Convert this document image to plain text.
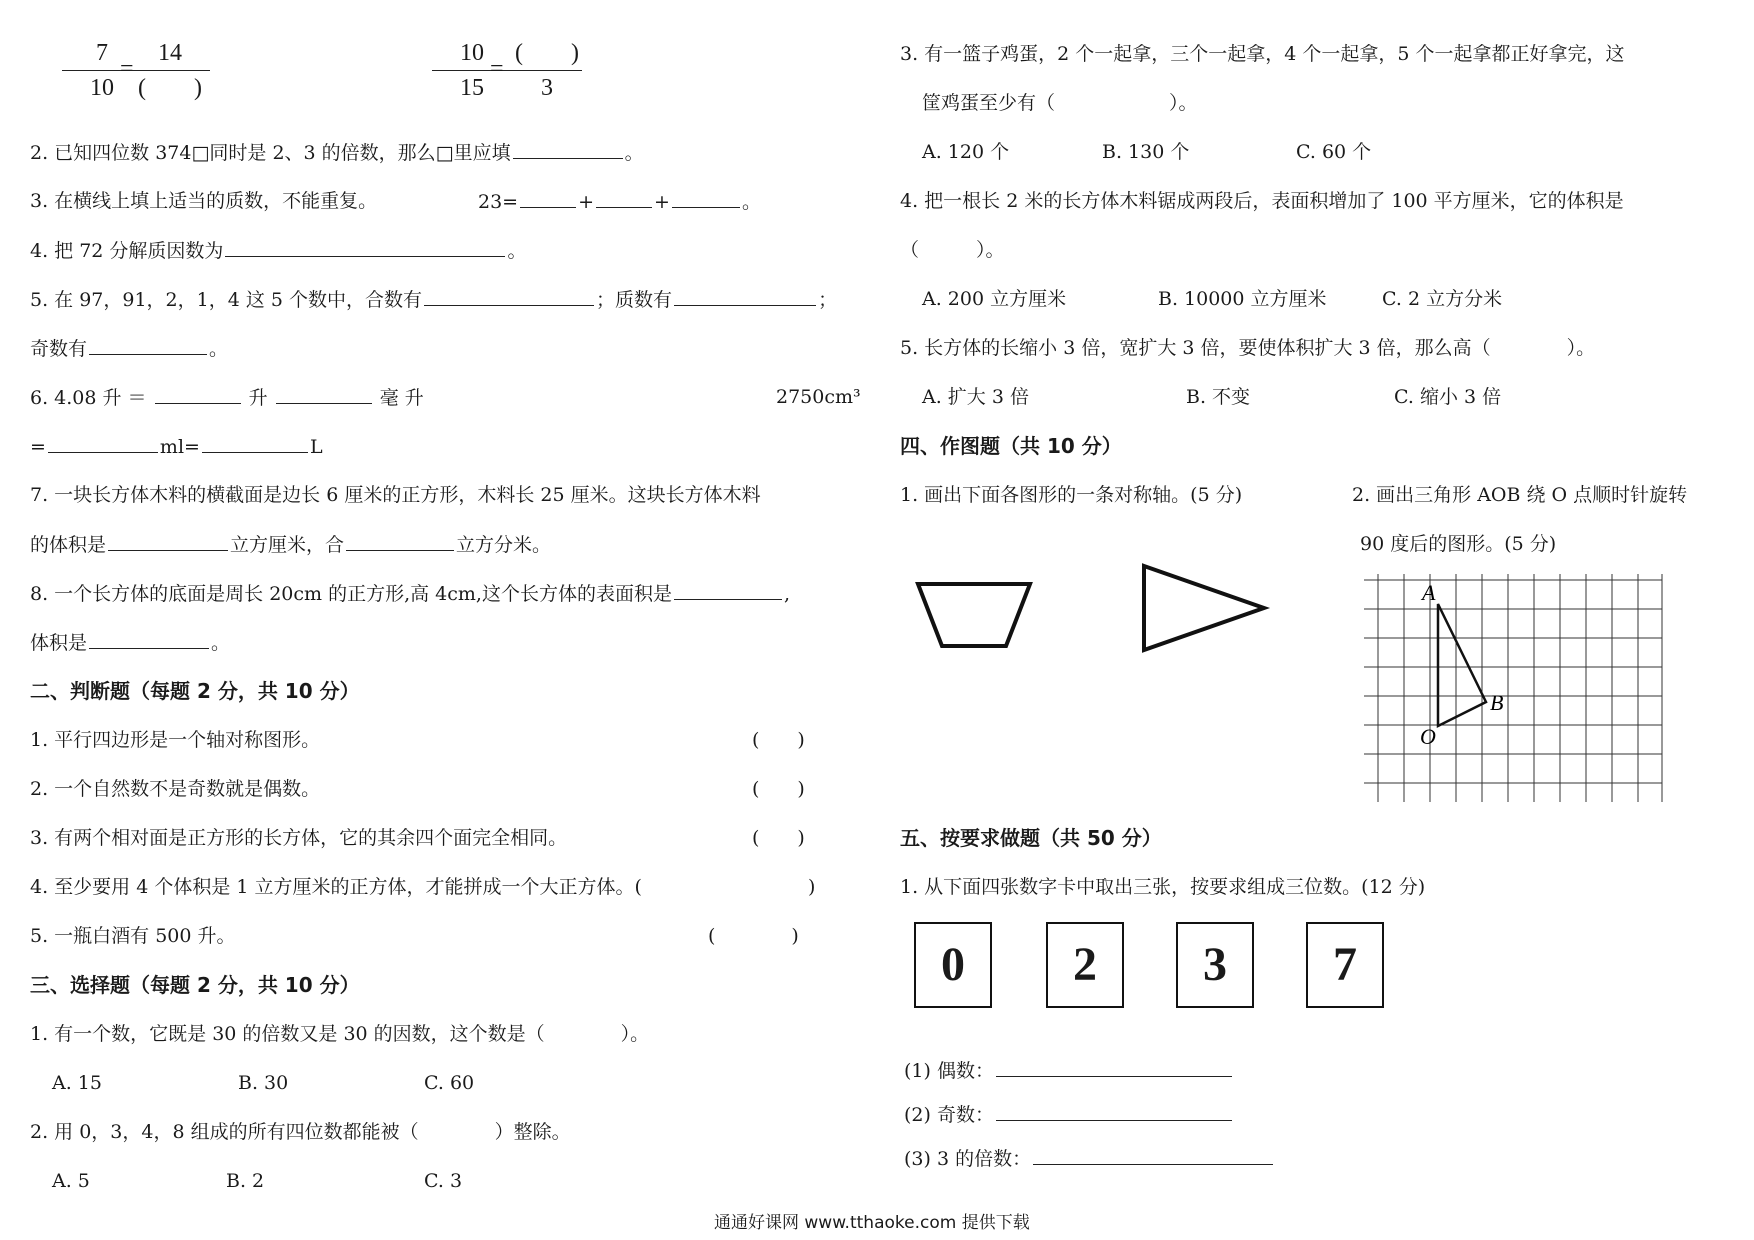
7
10
=
14
(　　)
10
15
=
(　　)
3
2. 已知四位数 374□同时是 2、3 的倍数，那么□里应填	。
3. 在横线上填上适当的质数，不能重复。	23=	+	+	。
4. 把 72 分解质因数为	。
5. 在 97，91，2，1，4 这 5 个数中，合数有	；质数有	；
奇数有	。
6. 4.08 升 ＝	升	毫 升	2750cm³
=	ml=	L
7. 一块长方体木料的横截面是边长 6 厘米的正方形，木料长 25 厘米。这块长方体木料
的体积是	立方厘米，合	立方分米。
8. 一个长方体的底面是周长 20cm 的正方形,高 4cm,这个长方体的表面积是	,
体积是	。
二、判断题（每题 2 分，共 10 分）
1. 平行四边形是一个轴对称图形。	(　　)
2. 一个自然数不是奇数就是偶数。	(　　)
3. 有两个相对面是正方形的长方体，它的其余四个面完全相同。	(　　)
4. 至少要用 4 个体积是 1 立方厘米的正方体，才能拼成一个大正方体。(	)
5. 一瓶白酒有 500 升。	(　　　　)
三、选择题（每题 2 分，共 10 分）
1. 有一个数，它既是 30 的倍数又是 30 的因数，这个数是（　　　　）。
A. 15	B. 30	C. 60
2. 用 0，3，4，8 组成的所有四位数都能被（　　　　）整除。
A. 5	B. 2	C. 3
3. 有一篮子鸡蛋，2 个一起拿，三个一起拿，4 个一起拿，5 个一起拿都正好拿完，这
筐鸡蛋至少有（　　　　　　）。
A. 120 个	B. 130 个	C. 60 个
4. 把一根长 2 米的长方体木料锯成两段后，表面积增加了 100 平方厘米，它的体积是
（　　　）。
A. 200 立方厘米	B. 10000 立方厘米	C. 2 立方分米
5. 长方体的长缩小 3 倍，宽扩大 3 倍，要使体积扩大 3 倍，那么高（　　　　）。
A. 扩大 3 倍	B. 不变	C. 缩小 3 倍
四、作图题（共 10 分）
1. 画出下面各图形的一条对称轴。(5 分)	2. 画出三角形 AOB 绕 O 点顺时针旋转
90 度后的图形。(5 分)
A
B
O
五、按要求做题（共 50 分）
1. 从下面四张数字卡中取出三张，按要求组成三位数。(12 分)
0	2	3	7
(1) 偶数：
(2) 奇数：
(3) 3 的倍数：
通通好课网 www.tthaoke.com 提供下载
